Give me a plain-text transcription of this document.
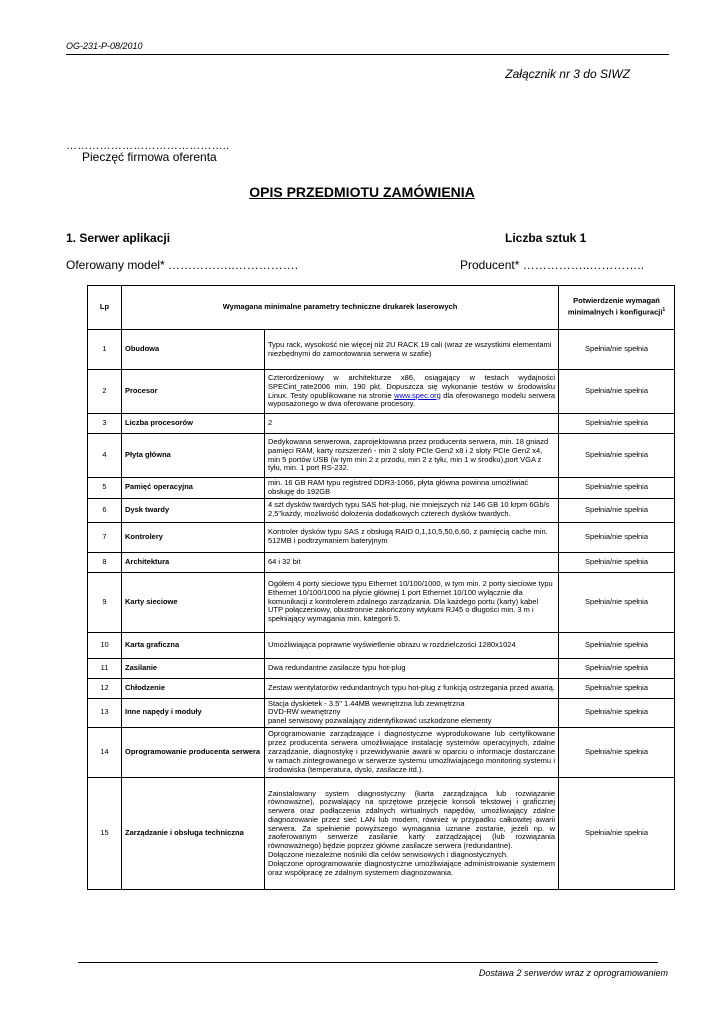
OG-231-P-08/2010
Załącznik nr 3 do SIWZ
……………………………………..
Pieczęć firmowa oferenta
OPIS PRZEDMIOTU ZAMÓWIENIA
1. Serwer aplikacji	Liczba sztuk 1
Oferowany model* ……………..…………….	Producent* ……………..…………..
Lp	Wymagana minimalne parametry techniczne drukarek laserowych		Potwierdzenie wymagań minimalnych i konfiguracji$^1$
1	Obudowa	Typu rack, wysokość nie więcej niż 2U RACK 19 cali (wraz ze wszystkimi elementami niezbędnymi do zamontowania serwera w szafie)	Spełnia/nie spełnia
2	Procesor	Czterordzeniowy w architekturze x86, osiągający w testach wydajności SPECint_rate2006 min. 190 pkt. Dopuszcza się wykonanie testów w środowisku Linux. Testy opublikowane na stronie www.spec.org dla oferowanego modelu serwera wyposażonego w dwa oferowane procesory.	Spełnia/nie spełnia
3	Liczba procesorów	2	Spełnia/nie spełnia
4	Płyta główna	Dedykowana serwerowa, zaprojektowana przez producenta serwera, min. 18 gniazd pamięci RAM, karty rozszerzeń - min 2 sloty PCIe Gen2 x8 i 2 sloty PCIe Gen2 x4, min 5 portów USB (w tym min 2 z przodu, min 2 z tyłu, min 1 w środku),port VGA z tyłu, min. 1 port RS-232.	Spełnia/nie spełnia
5	Pamięć operacyjna	min. 16 GB RAM typu registred DDR3-1066, płyta główna powinna umożliwiać obsługę do 192GB	Spełnia/nie spełnia
6	Dysk twardy	4 szt dysków twardych typu SAS hot-plug, nie mniejszych niż 146 GB 10 krpm 6Gb/s 2,5"każdy, możliwość dołożenia dodatkowych czterech dysków twardych.	Spełnia/nie spełnia
7	Kontrolery	Kontroler dysków typu SAS z obsługą RAID 0,1,10,5,50,6,60, z pamięcią cache min. 512MB i podtrzymaniem bateryjnym	Spełnia/nie spełnia
8	Architektura	64 i 32 bit	Spełnia/nie spełnia
9	Karty sieciowe	Ogółem 4 porty sieciowe typu Ethernet 10/100/1000, w tym min. 2 porty sieciowe typu Ethernet 10/100/1000 na płycie głównej 1 port Ethernet 10/100 wyłącznie dla komunikacji z kontrolerem zdalnego zarządzania. Dla każdego portu (karty) kabel UTP połączeniowy, obustronnie zakończony wtykami RJ45 o długości min. 3 m i spełniający wymagania min. kategorii 5.	Spełnia/nie spełnia
10	Karta graficzna	Umożliwiająca poprawne wyświetlenie obrazu w rozdzielczości 1280x1024	Spełnia/nie spełnia
11	Zasilanie	Dwa redundantne zasilacze typu hot-plug	Spełnia/nie spełnia
12	Chłodzenie	Zestaw wentylatorów redundantnych typu hot-plug z funkcją ostrzegania przed awarią.	Spełnia/nie spełnia
13	Inne napędy i moduły	Stacja dyskietek - 3.5" 1.44MB wewnętrzna lub zewnętrzna
DVD-RW wewnętrzny
panel serwisowy pozwalający zidentyfikować uszkodzone elementy	Spełnia/nie spełnia
14	Oprogramowanie producenta serwera	Oprogramowanie zarządzające i diagnostyczne wyprodukowane lub certyfikowane przez producenta serwera umożliwiające instalację systemów operacyjnych, zdalne zarządzanie, diagnostykę i przewidywanie awarii w oparciu o informacje dostarczane w ramach zintegrowanego w serwerze systemu umożliwiającego monitoring systemu i środowiska (temperatura, dyski, zasilacze itd.).	Spełnia/nie spełnia
15	Zarządzanie i obsługa techniczna	Zainstalowany system diagnostyczny (karta zarządzająca lub rozwiązanie równoważne), pozwalający na sprzętowe przejęcie konsoli tekstowej i graficznej serwera oraz podłączenia zdalnych wirtualnych napędów, umożliwiający zdalne diagnozowanie przez sieć LAN lub modem, również w przypadku całkowitej awarii serwera. Za spełnienie powyższego wymagania uznane zostanie, jeżeli np. w zaoferowanym serwerze zasilanie karty zarządzającej (lub rozwiązania równoważnego) będzie poprzez główne zasilacze serwera (redundantne).
Dołączone niezależne nośniki dla celów serwisowych i diagnostycznych.
Dołączone oprogramowanie diagnostyczne umożliwiające administrowanie systemem oraz współpracę ze zdalnym systemem diagnozowania.	Spełnia/nie spełnia
Dostawa 2 serwerów wraz z oprogramowaniem
